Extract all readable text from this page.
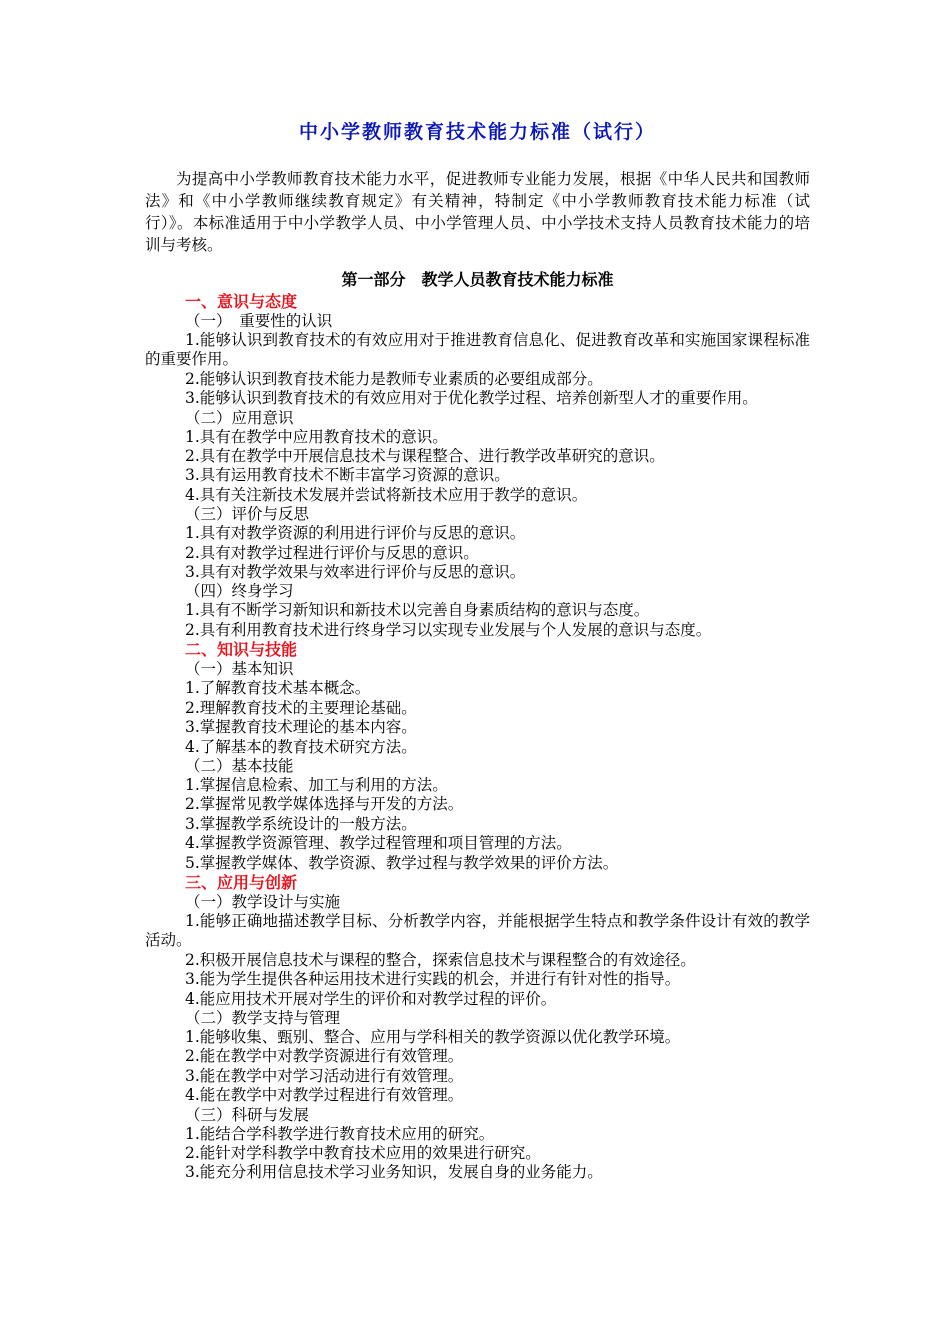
中小学教师教育技术能力标准（试行）

为提高中小学教师教育技术能力水平，促进教师专业能力发展，根据《中华人民共和国教师法》和《中小学教师继续教育规定》有关精神，特制定《中小学教师教育技术能力标准（试行）》。本标准适用于中小学教学人员、中小学管理人员、中小学技术支持人员教育技术能力的培训与考核。

第一部分　教学人员教育技术能力标准
一、意识与态度
（一）　重要性的认识

1.能够认识到教育技术的有效应用对于推进教育信息化、促进教育改革和实施国家课程标准的重要作用。

2.能够认识到教育技术能力是教师专业素质的必要组成部分。

3.能够认识到教育技术的有效应用对于优化教学过程、培养创新型人才的重要作用。

（二）应用意识

1.具有在教学中应用教育技术的意识。

2.具有在教学中开展信息技术与课程整合、进行教学改革研究的意识。

3.具有运用教育技术不断丰富学习资源的意识。

4.具有关注新技术发展并尝试将新技术应用于教学的意识。

（三）评价与反思

1.具有对教学资源的利用进行评价与反思的意识。

2.具有对教学过程进行评价与反思的意识。

3.具有对教学效果与效率进行评价与反思的意识。

（四）终身学习

1.具有不断学习新知识和新技术以完善自身素质结构的意识与态度。

2.具有利用教育技术进行终身学习以实现专业发展与个人发展的意识与态度。

二、知识与技能
（一）基本知识

1.了解教育技术基本概念。

2.理解教育技术的主要理论基础。

3.掌握教育技术理论的基本内容。

4.了解基本的教育技术研究方法。

（二）基本技能

1.掌握信息检索、加工与利用的方法。

2.掌握常见教学媒体选择与开发的方法。

3.掌握教学系统设计的一般方法。

4.掌握教学资源管理、教学过程管理和项目管理的方法。

5.掌握教学媒体、教学资源、教学过程与教学效果的评价方法。

三、应用与创新
（一）教学设计与实施

1.能够正确地描述教学目标、分析教学内容，并能根据学生特点和教学条件设计有效的教学活动。

2.积极开展信息技术与课程的整合，探索信息技术与课程整合的有效途径。

3.能为学生提供各种运用技术进行实践的机会，并进行有针对性的指导。

4.能应用技术开展对学生的评价和对教学过程的评价。

（二）教学支持与管理

1.能够收集、甄别、整合、应用与学科相关的教学资源以优化教学环境。

2.能在教学中对教学资源进行有效管理。

3.能在教学中对学习活动进行有效管理。

4.能在教学中对教学过程进行有效管理。

（三）科研与发展

1.能结合学科教学进行教育技术应用的研究。

2.能针对学科教学中教育技术应用的效果进行研究。

3.能充分利用信息技术学习业务知识，发展自身的业务能力。
